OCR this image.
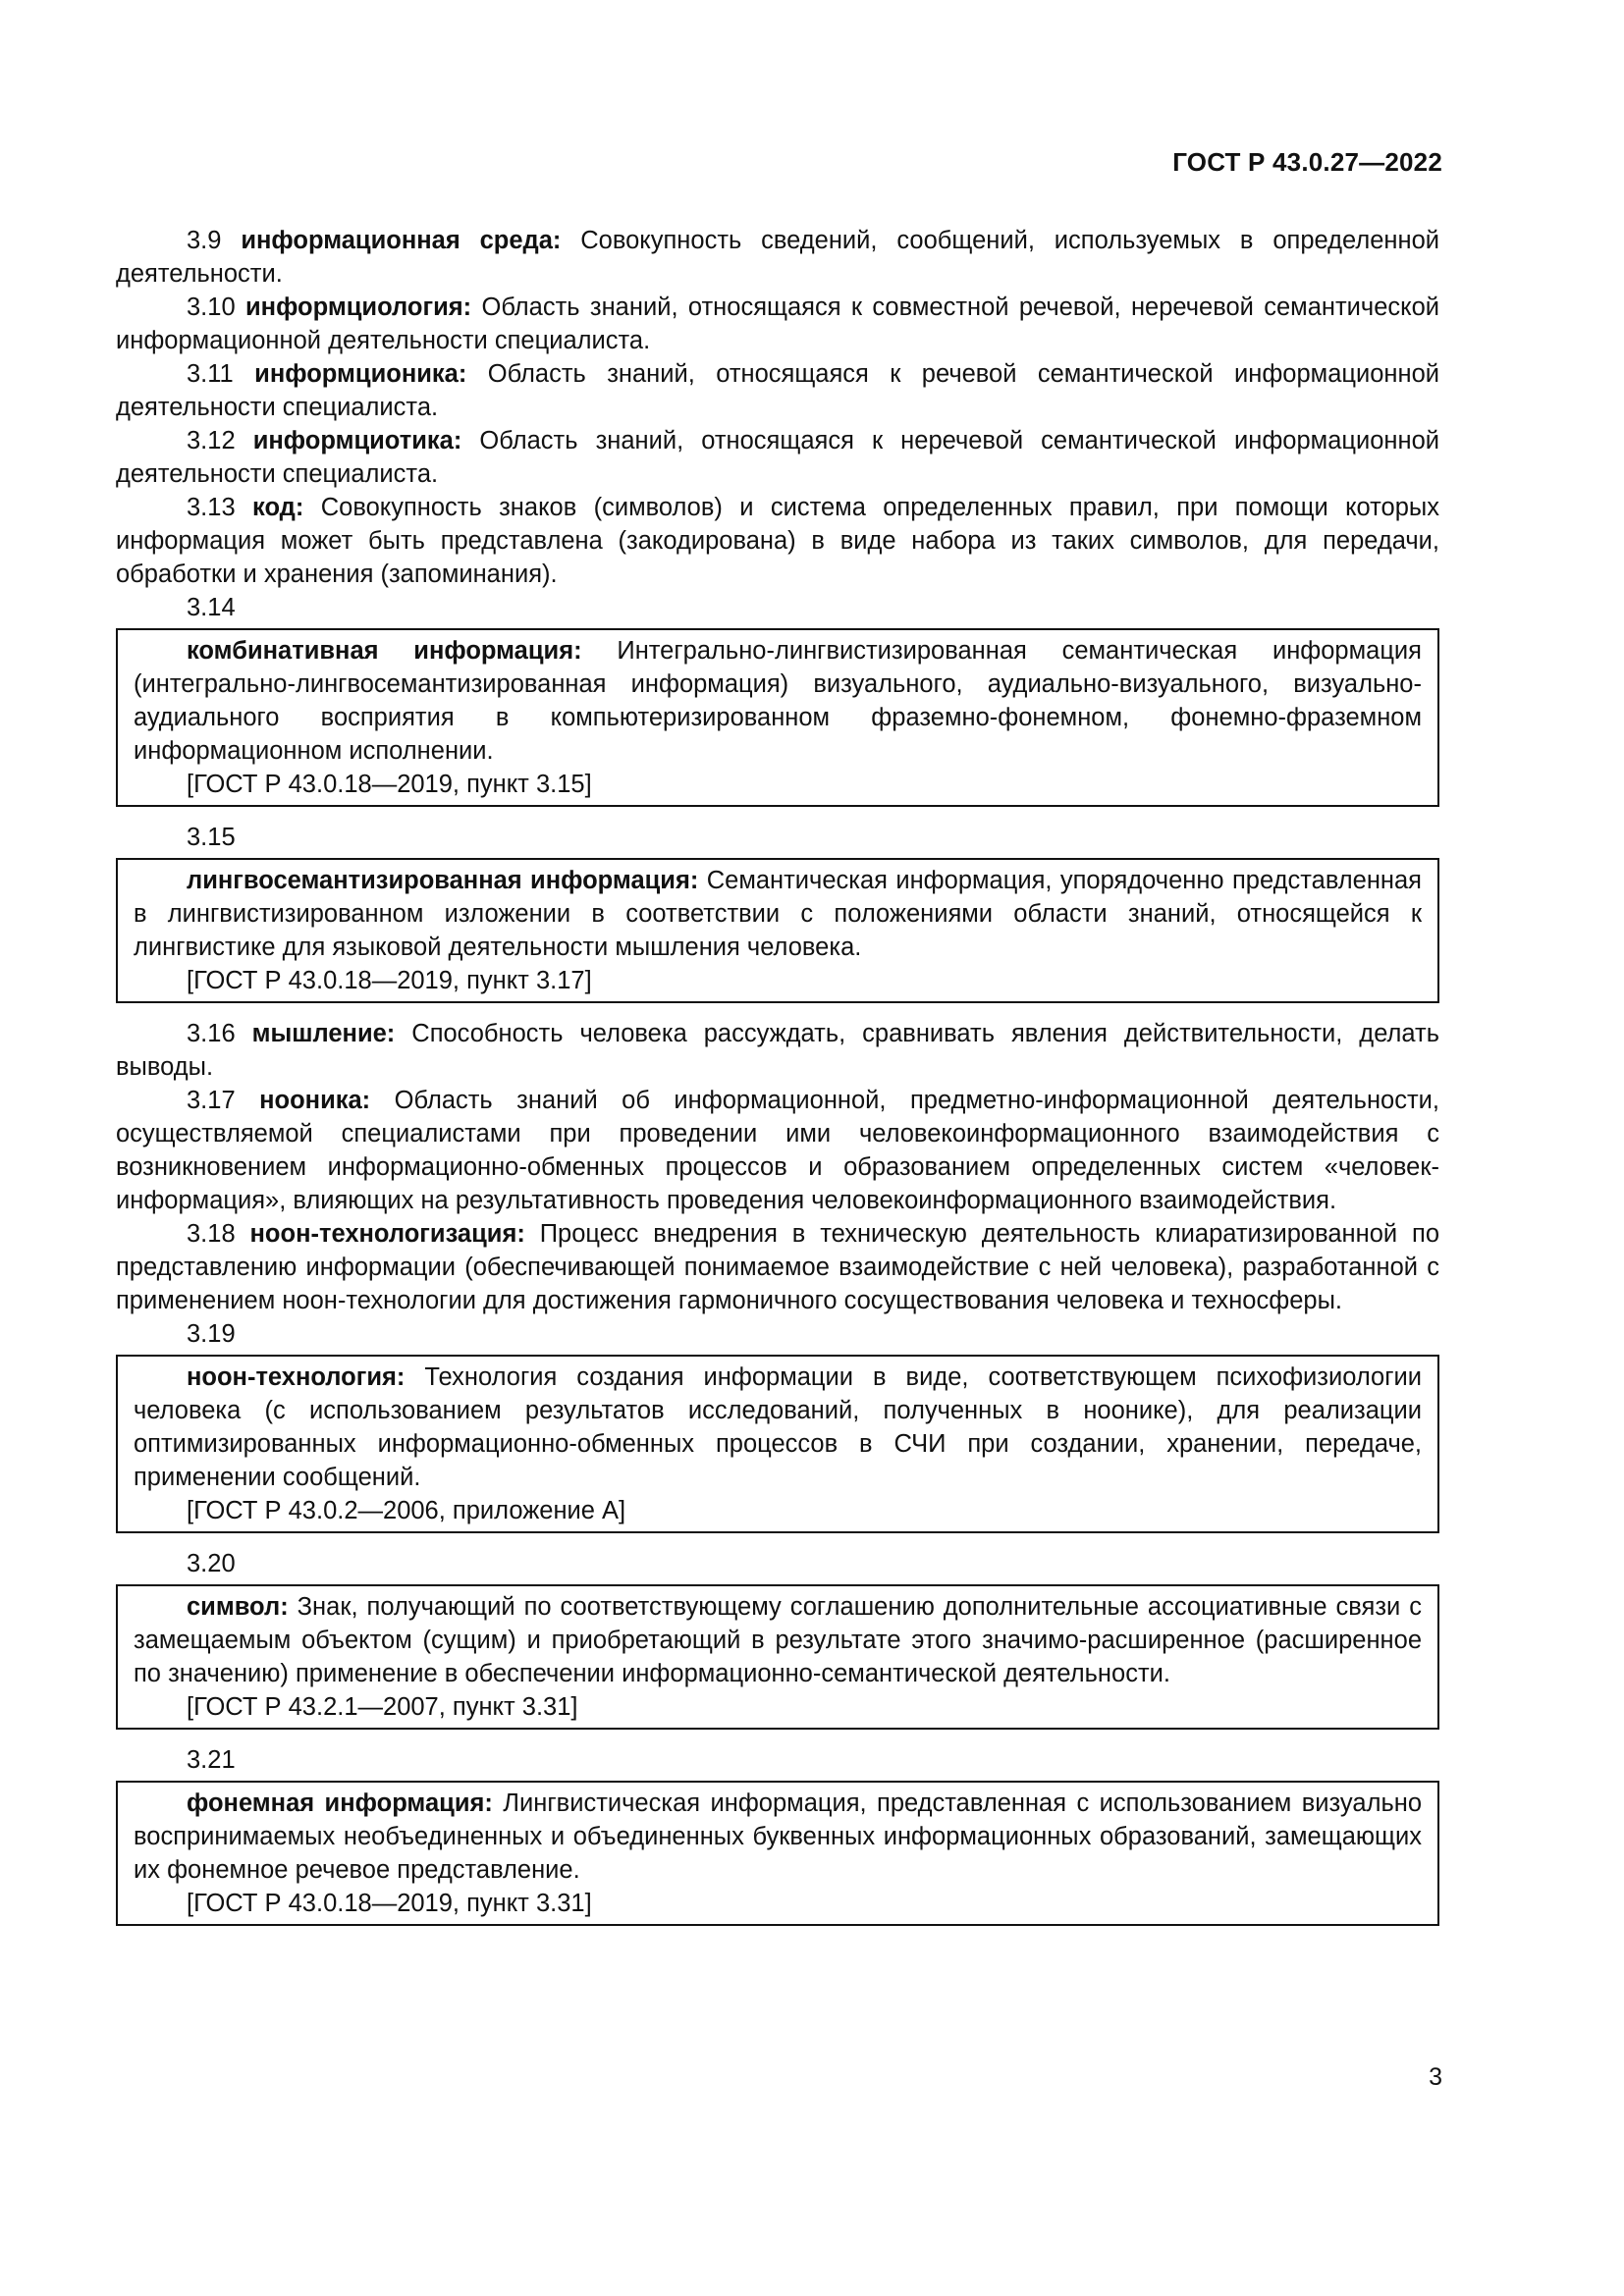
ГОСТ Р 43.0.27—2022

3.9 информационная среда: Совокупность сведений, сообщений, используемых в определенной деятельности.

3.10 информциология: Область знаний, относящаяся к совместной речевой, неречевой семантической информационной деятельности специалиста.

3.11 информционика: Область знаний, относящаяся к речевой семантической информационной деятельности специалиста.

3.12 информциотика: Область знаний, относящаяся к неречевой семантической информационной деятельности специалиста.

3.13 код: Совокупность знаков (символов) и система определенных правил, при помощи которых информация может быть представлена (закодирована) в виде набора из таких символов, для передачи, обработки и хранения (запоминания).

3.14

комбинативная информация: Интегрально-лингвистизированная семантическая информация (интегрально-лингвосемантизированная информация) визуального, аудиально-визуального, визуально-аудиального восприятия в компьютеризированном фраземно-фонемном, фонемно-фраземном информационном исполнении.

[ГОСТ Р 43.0.18—2019, пункт 3.15]

3.15

лингвосемантизированная информация: Семантическая информация, упорядоченно представленная в лингвистизированном изложении в соответствии с положениями области знаний, относящейся к лингвистике для языковой деятельности мышления человека.

[ГОСТ Р 43.0.18—2019, пункт 3.17]

3.16 мышление: Способность человека рассуждать, сравнивать явления действительности, делать выводы.

3.17 нооника: Область знаний об информационной, предметно-информационной деятельности, осуществляемой специалистами при проведении ими человекоинформационного взаимодействия с возникновением информационно-обменных процессов и образованием определенных систем «человек-информация», влияющих на результативность проведения человекоинформационного взаимодействия.

3.18 ноон-технологизация: Процесс внедрения в техническую деятельность клиаратизированной по представлению информации (обеспечивающей понимаемое взаимодействие с ней человека), разработанной с применением ноон-технологии для достижения гармоничного сосуществования человека и техносферы.

3.19

ноон-технология: Технология создания информации в виде, соответствующем психофизиологии человека (с использованием результатов исследований, полученных в ноонике), для реализации оптимизированных информационно-обменных процессов в СЧИ при создании, хранении, передаче, применении сообщений.

[ГОСТ Р 43.0.2—2006, приложение А]

3.20

символ: Знак, получающий по соответствующему соглашению дополнительные ассоциативные связи с замещаемым объектом (сущим) и приобретающий в результате этого значимо-расширенное (расширенное по значению) применение в обеспечении информационно-семантической деятельности.

[ГОСТ Р 43.2.1—2007, пункт 3.31]

3.21

фонемная информация: Лингвистическая информация, представленная с использованием визуально воспринимаемых необъединенных и объединенных буквенных информационных образований, замещающих их фонемное речевое представление.

[ГОСТ Р 43.0.18—2019, пункт 3.31]

3
